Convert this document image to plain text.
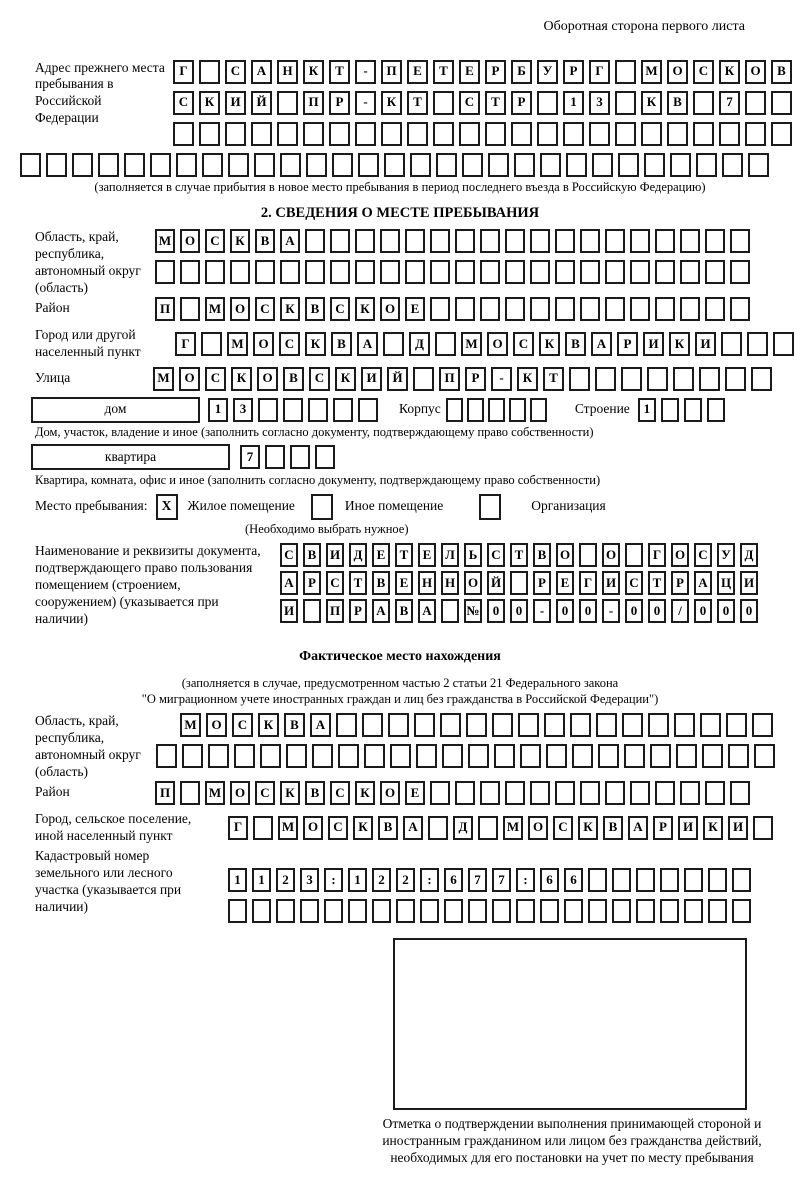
Оборотная сторона первого листа
Адрес прежнего места пребывания в Российской Федерации
Г	С	А	Н	К	Т	-	П	Е	Т	Е	Р	Б	У	Р	Г	М	О	С	К	О	В
С	К	И	Й	П	Р	-	К	Т	С	Т	Р	1	3	К	В	7
(заполняется в случае прибытия в новое место пребывания в период последнего въезда в Российскую Федерацию)
2. СВЕДЕНИЯ О МЕСТЕ ПРЕБЫВАНИЯ
Область, край, республика, автономный округ (область)
М	О	С	К	В	А
Район	П	М	О	С	К	В	С	К	О	Е
Город или другой населенный пункт
Г	М	О	С	К	В	А	Д	М	О	С	К	В	А	Р	И	К	И
Улица	М	О	С	К	О	В	С	К	И	Й	П	Р	-	К	Т
дом	1	3	Корпус	Строение	1
Дом, участок, владение и иное (заполнить согласно документу, подтверждающему право собственности)
квартира	7
Квартира, комната, офис и иное (заполнить согласно документу, подтверждающему право собственности)
Место пребывания:	X	Жилое помещение	Иное помещение	Организация
(Необходимо выбрать нужное)
Наименование и реквизиты документа, подтверждающего право пользования помещением (строением, сооружением) (указывается при наличии)
С	В	И	Д	Е	Т	Е	Л	Ь	С	Т	В	О	О	Г	О	С	У	Д
А	Р	С	Т	В	Е	Н Н О Й	Р	Е	Г	И	С	Т	Р	А	Ц И
И	П	Р	А	В	А	№	0	0	-	0	0	-	0	0	/	0	0	0
Фактическое место нахождения
(заполняется в случае, предусмотренном частью 2 статьи 21 Федерального закона
"О миграционном учете иностранных граждан и лиц без гражданства в Российской Федерации")
Область, край, республика, автономный округ (область)
М	О	С	К	В	А
Район	П	М	О	С	К	В	С	К	О	Е
Город, сельское поселение, иной населенный пункт
Г	М	О	С	К	В	А	Д	М	О	С	К	В	А	Р	И	К	И
Кадастровый номер земельного или лесного участка (указывается при наличии)
1	1	2	3	:	1	2	2	:	6	7	7	:	6	6
Отметка о подтверждении выполнения принимающей стороной и иностранным гражданином или лицом без гражданства действий, необходимых для его постановки на учет по месту пребывания
